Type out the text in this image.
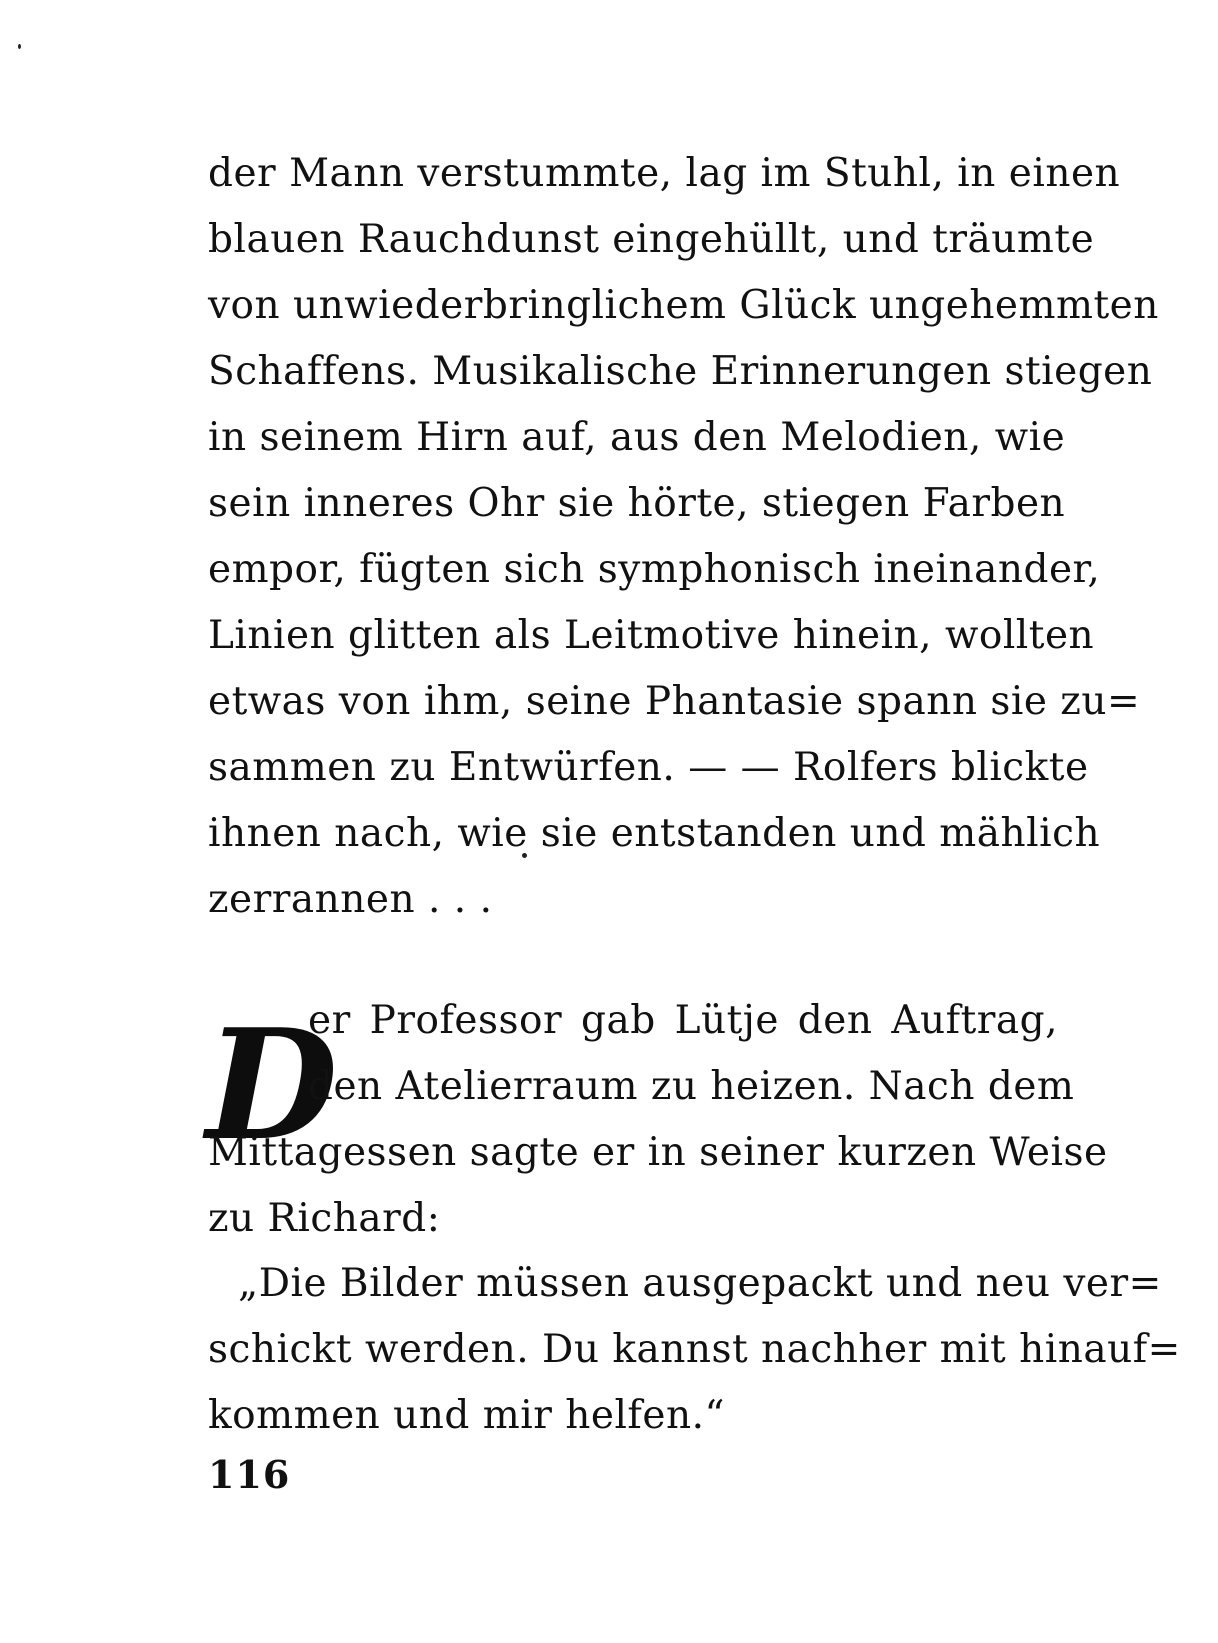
der Mann verstummte, lag im Stuhl, in einen
blauen Rauchdunst eingehüllt, und träumte
von unwiederbringlichem Glück ungehemmten
Schaffens. Musikalische Erinnerungen stiegen
in seinem Hirn auf, aus den Melodien, wie
sein inneres Ohr sie hörte, stiegen Farben
empor, fügten sich symphonisch ineinander,
Linien glitten als Leitmotive hinein, wollten
etwas von ihm, seine Phantasie spann sie zu=
sammen zu Entwürfen. — — Rolfers blickte
ihnen nach, wie sie entstanden und mählich
zerrannen . . .
D
er Professor gab Lütje den Auftrag,
den Atelierraum zu heizen. Nach dem
Mittagessen sagte er in seiner kurzen Weise
zu Richard:
„Die Bilder müssen ausgepackt und neu ver=
schickt werden. Du kannst nachher mit hinauf=
kommen und mir helfen.“
116
